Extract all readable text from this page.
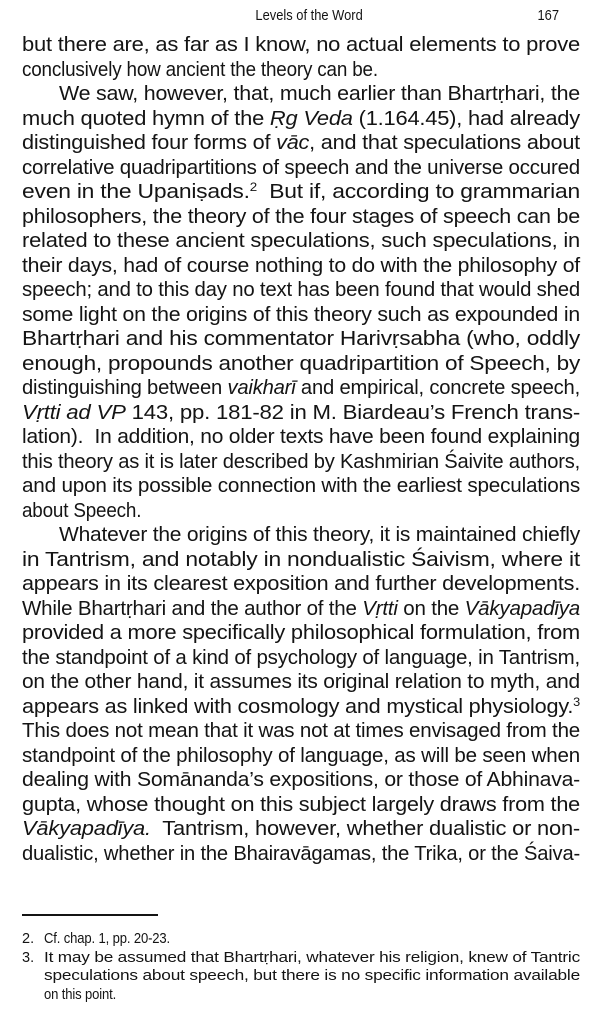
Levels of the Word	167
but there are, as far as I know, no actual elements to prove
conclusively how ancient the theory can be.
We saw, however, that, much earlier than Bhartṛhari, the
much quoted hymn of the Ṛg Veda (1.164.45), had already
distinguished four forms of vāc, and that speculations about
correlative quadripartitions of speech and the universe occured
even in the Upaniṣads.$^2$  But if, according to grammarian
philosophers, the theory of the four stages of speech can be
related to these ancient speculations, such speculations, in
their days, had of course nothing to do with the philosophy of
speech; and to this day no text has been found that would shed
some light on the origins of this theory such as expounded in
Bhartṛhari and his commentator Harivṛsabha (who, oddly
enough, propounds another quadripartition of Speech, by
distinguishing between vaikharī and empirical, concrete speech,
Vṛtti ad VP 143, pp. 181-82 in M. Biardeau’s French trans-
lation).  In addition, no older texts have been found explaining
this theory as it is later described by Kashmirian Śaivite authors,
and upon its possible connection with the earliest speculations
about Speech.
Whatever the origins of this theory, it is maintained chiefly
in Tantrism, and notably in nondualistic Śaivism, where it
appears in its clearest exposition and further developments.
While Bhartṛhari and the author of the Vṛtti on the Vākyapadīya
provided a more specifically philosophical formulation, from
the standpoint of a kind of psychology of language, in Tantrism,
on the other hand, it assumes its original relation to myth, and
appears as linked with cosmology and mystical physiology.$^3$
This does not mean that it was not at times envisaged from the
standpoint of the philosophy of language, as will be seen when
dealing with Somānanda’s expositions, or those of Abhinava-
gupta, whose thought on this subject largely draws from the
Vākyapadīya.  Tantrism, however, whether dualistic or non-
dualistic, whether in the Bhairavāgamas, the Trika, or the Śaiva-
2. Cf. chap. 1, pp. 20-23.
3. It may be assumed that Bhartṛhari, whatever his religion, knew of Tantric
speculations about speech, but there is no specific information available
on this point.
